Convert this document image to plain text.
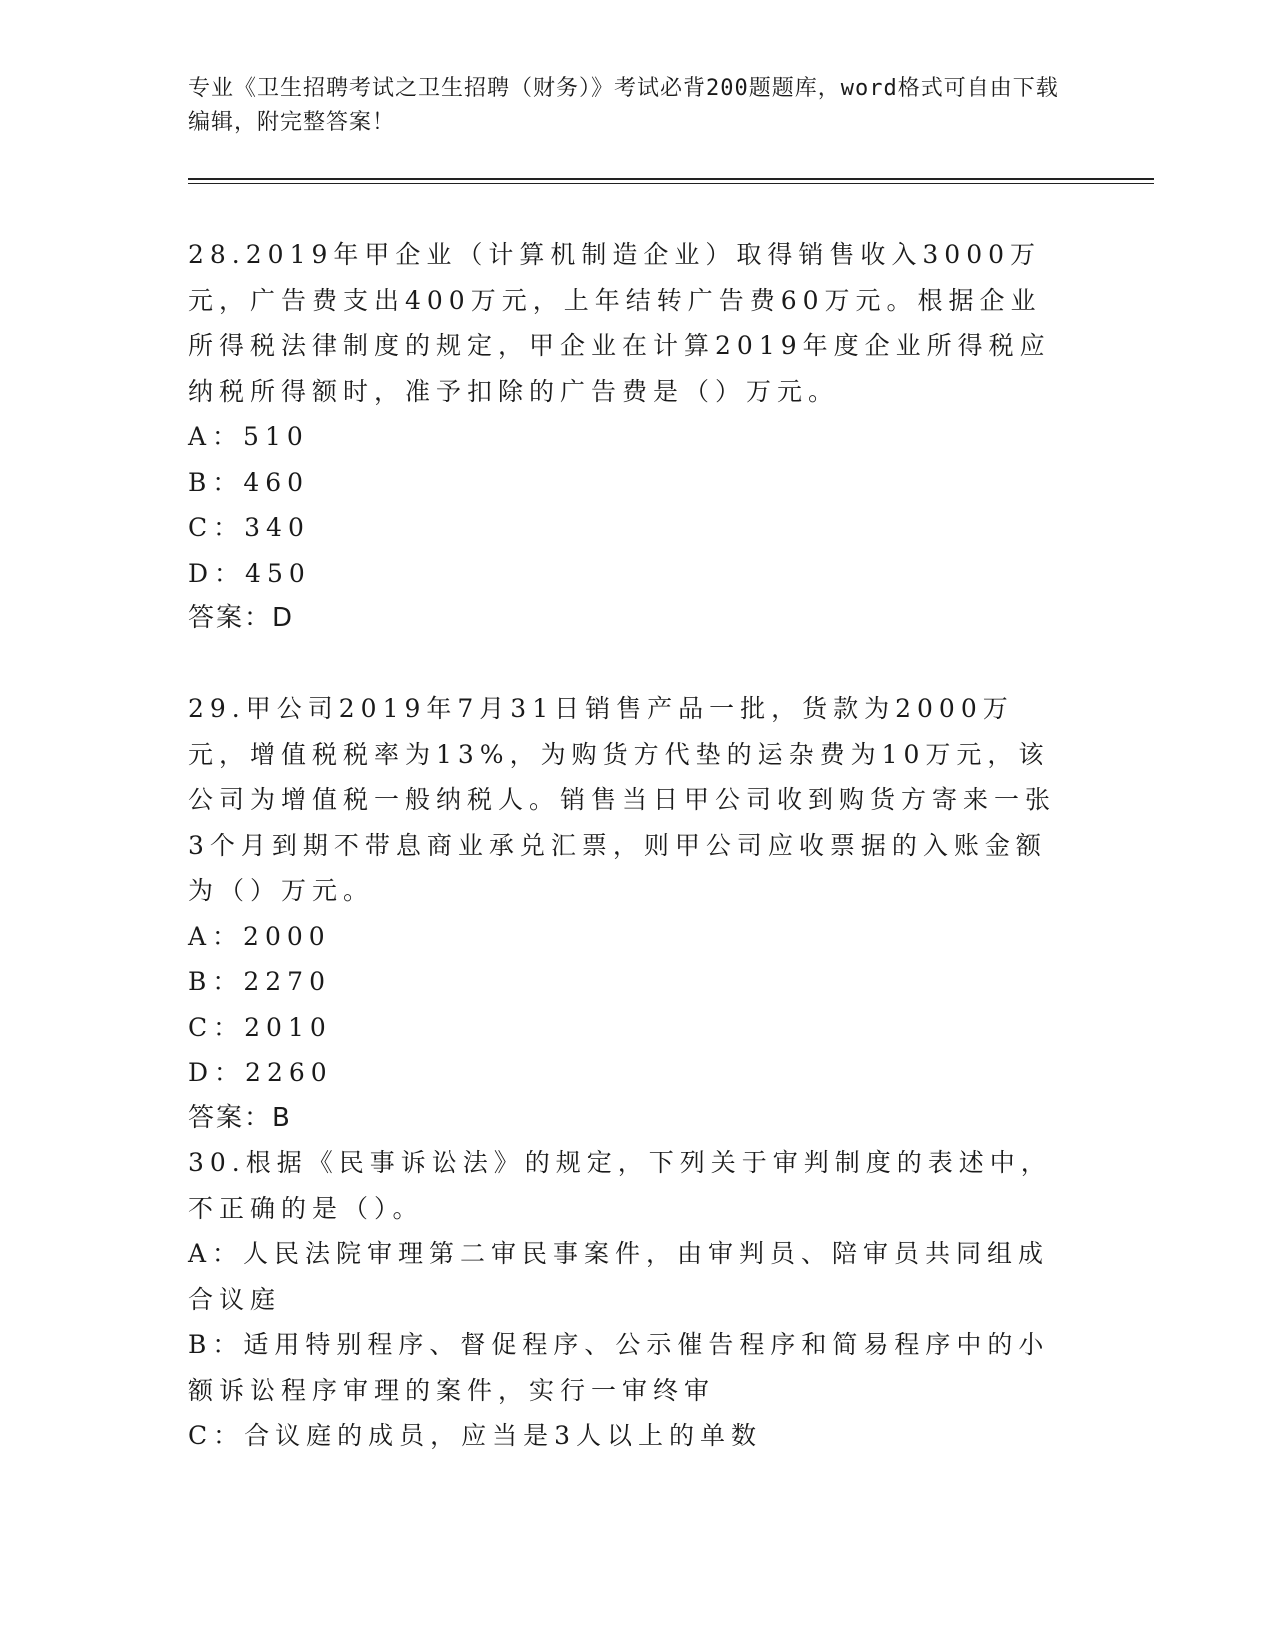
专业《卫生招聘考试之卫生招聘（财务）》考试必背200题题库，word格式可自由下载编辑，附完整答案！

28.2019年甲企业（计算机制造企业）取得销售收入3000万元，广告费支出400万元，上年结转广告费60万元。根据企业所得税法律制度的规定，甲企业在计算2019年度企业所得税应纳税所得额时，准予扣除的广告费是（）万元。

A：510

B：460

C：340

D：450

答案：D

29.甲公司2019年7月31日销售产品一批，货款为2000万元，增值税税率为13%，为购货方代垫的运杂费为10万元，该公司为增值税一般纳税人。销售当日甲公司收到购货方寄来一张3个月到期不带息商业承兑汇票，则甲公司应收票据的入账金额为（）万元。

A：2000

B：2270

C：2010

D：2260

答案：B

30.根据《民事诉讼法》的规定，下列关于审判制度的表述中，不正确的是（）。

A：人民法院审理第二审民事案件，由审判员、陪审员共同组成合议庭

B：适用特别程序、督促程序、公示催告程序和简易程序中的小额诉讼程序审理的案件，实行一审终审

C：合议庭的成员，应当是3人以上的单数
